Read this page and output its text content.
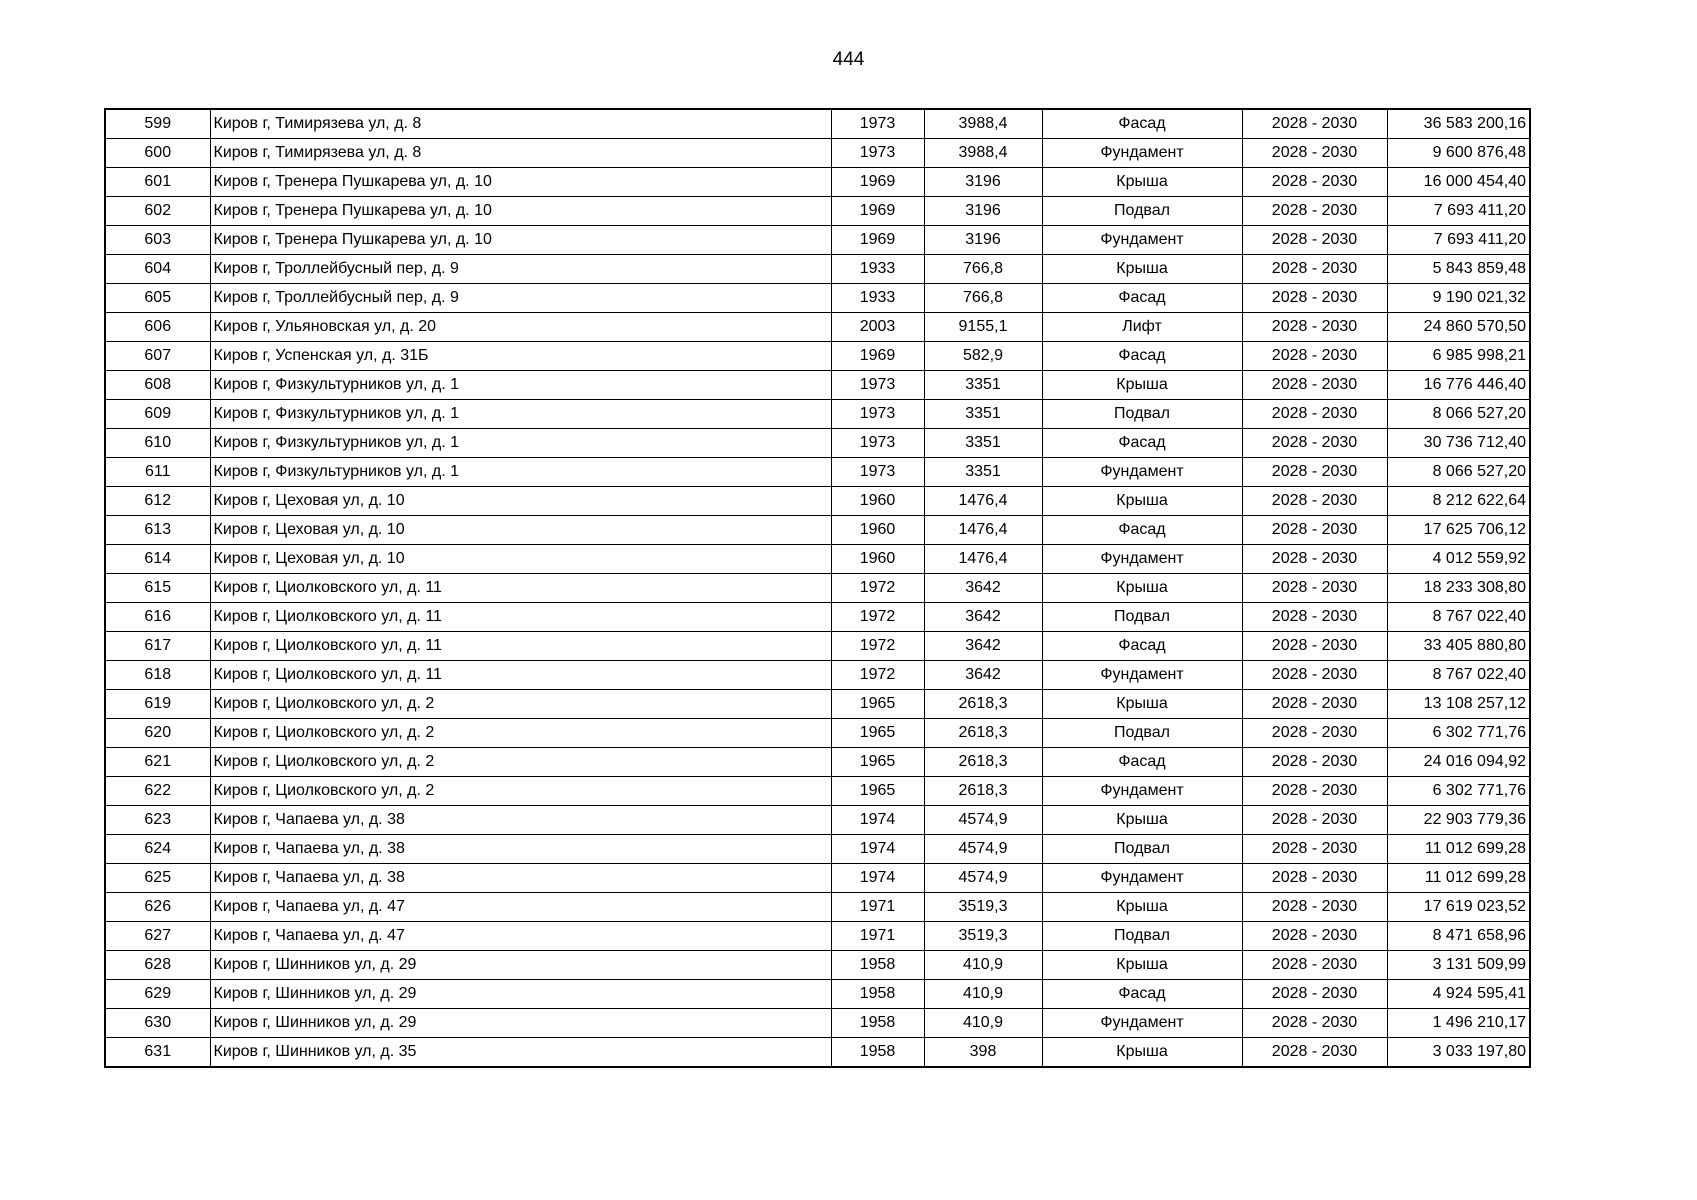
444
599	Киров г, Тимирязева ул, д. 8	1973	3988,4	Фасад	2028 - 2030	36 583 200,16
600	Киров г, Тимирязева ул, д. 8	1973	3988,4	Фундамент	2028 - 2030	9 600 876,48
601	Киров г, Тренера Пушкарева ул, д. 10	1969	3196	Крыша	2028 - 2030	16 000 454,40
602	Киров г, Тренера Пушкарева ул, д. 10	1969	3196	Подвал	2028 - 2030	7 693 411,20
603	Киров г, Тренера Пушкарева ул, д. 10	1969	3196	Фундамент	2028 - 2030	7 693 411,20
604	Киров г, Троллейбусный пер, д. 9	1933	766,8	Крыша	2028 - 2030	5 843 859,48
605	Киров г, Троллейбусный пер, д. 9	1933	766,8	Фасад	2028 - 2030	9 190 021,32
606	Киров г, Ульяновская ул, д. 20	2003	9155,1	Лифт	2028 - 2030	24 860 570,50
607	Киров г, Успенская ул, д. 31Б	1969	582,9	Фасад	2028 - 2030	6 985 998,21
608	Киров г, Физкультурников ул, д. 1	1973	3351	Крыша	2028 - 2030	16 776 446,40
609	Киров г, Физкультурников ул, д. 1	1973	3351	Подвал	2028 - 2030	8 066 527,20
610	Киров г, Физкультурников ул, д. 1	1973	3351	Фасад	2028 - 2030	30 736 712,40
611	Киров г, Физкультурников ул, д. 1	1973	3351	Фундамент	2028 - 2030	8 066 527,20
612	Киров г, Цеховая ул, д. 10	1960	1476,4	Крыша	2028 - 2030	8 212 622,64
613	Киров г, Цеховая ул, д. 10	1960	1476,4	Фасад	2028 - 2030	17 625 706,12
614	Киров г, Цеховая ул, д. 10	1960	1476,4	Фундамент	2028 - 2030	4 012 559,92
615	Киров г, Циолковского ул, д. 11	1972	3642	Крыша	2028 - 2030	18 233 308,80
616	Киров г, Циолковского ул, д. 11	1972	3642	Подвал	2028 - 2030	8 767 022,40
617	Киров г, Циолковского ул, д. 11	1972	3642	Фасад	2028 - 2030	33 405 880,80
618	Киров г, Циолковского ул, д. 11	1972	3642	Фундамент	2028 - 2030	8 767 022,40
619	Киров г, Циолковского ул, д. 2	1965	2618,3	Крыша	2028 - 2030	13 108 257,12
620	Киров г, Циолковского ул, д. 2	1965	2618,3	Подвал	2028 - 2030	6 302 771,76
621	Киров г, Циолковского ул, д. 2	1965	2618,3	Фасад	2028 - 2030	24 016 094,92
622	Киров г, Циолковского ул, д. 2	1965	2618,3	Фундамент	2028 - 2030	6 302 771,76
623	Киров г, Чапаева ул, д. 38	1974	4574,9	Крыша	2028 - 2030	22 903 779,36
624	Киров г, Чапаева ул, д. 38	1974	4574,9	Подвал	2028 - 2030	11 012 699,28
625	Киров г, Чапаева ул, д. 38	1974	4574,9	Фундамент	2028 - 2030	11 012 699,28
626	Киров г, Чапаева ул, д. 47	1971	3519,3	Крыша	2028 - 2030	17 619 023,52
627	Киров г, Чапаева ул, д. 47	1971	3519,3	Подвал	2028 - 2030	8 471 658,96
628	Киров г, Шинников ул, д. 29	1958	410,9	Крыша	2028 - 2030	3 131 509,99
629	Киров г, Шинников ул, д. 29	1958	410,9	Фасад	2028 - 2030	4 924 595,41
630	Киров г, Шинников ул, д. 29	1958	410,9	Фундамент	2028 - 2030	1 496 210,17
631	Киров г, Шинников ул, д. 35	1958	398	Крыша	2028 - 2030	3 033 197,80
